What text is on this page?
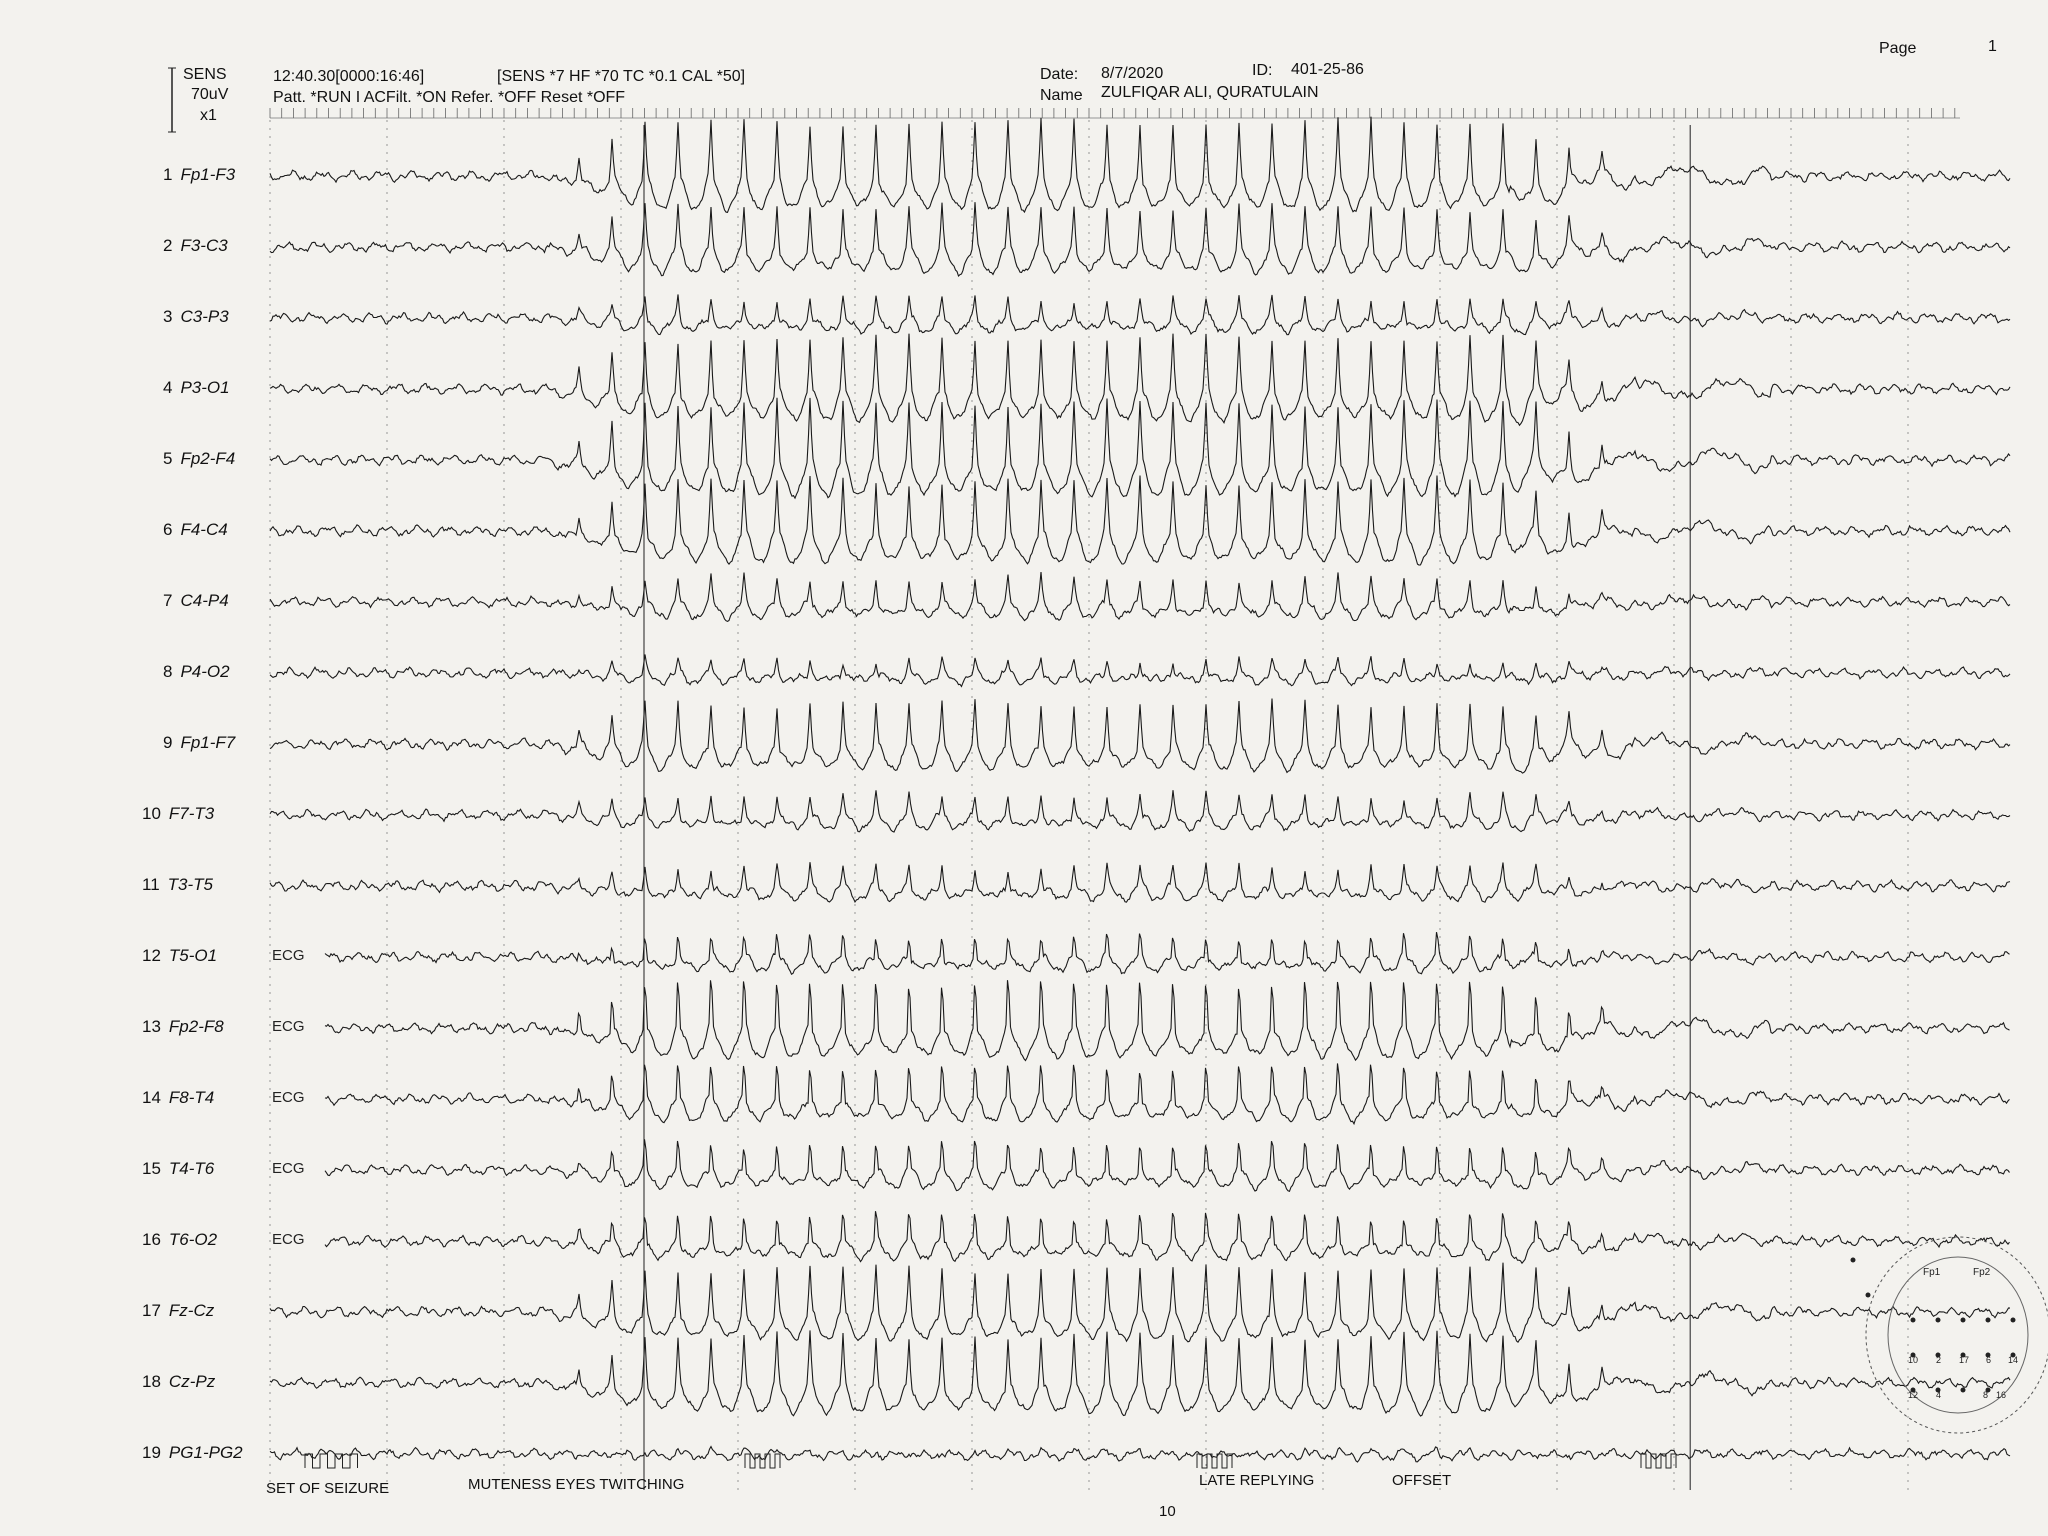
SENS
70uV
x1
12:40.30[0000:16:46]	[SENS *7 HF *70 TC *0.1 CAL *50]
Patt. *RUN I ACFilt. *ON Refer. *OFF Reset *OFF
Date: 8/7/2020	ID: 401-25-86
Name ZULFIQAR ALI, QURATULAIN
Page	1
1 Fp1-F3
2 F3-C3
3 C3-P3
4 P3-O1
5 Fp2-F4
6 F4-C4
7 C4-P4
8 P4-O2
9 Fp1-F7
10 F7-T3
11 T3-T5
12 T5-O1	ECG
13 Fp2-F8	ECG
14 F8-T4	ECG
15 T4-T6	ECG
16 T6-O2	ECG
17 Fz-Cz
18 Cz-Pz
19 PG1-PG2
SET OF SEIZURE	MUTENESS EYES TWITCHING	LATE REPLYING	OFFSET
10
Fp1	Fp2
10 2 17 6 14
12 4	8 16
